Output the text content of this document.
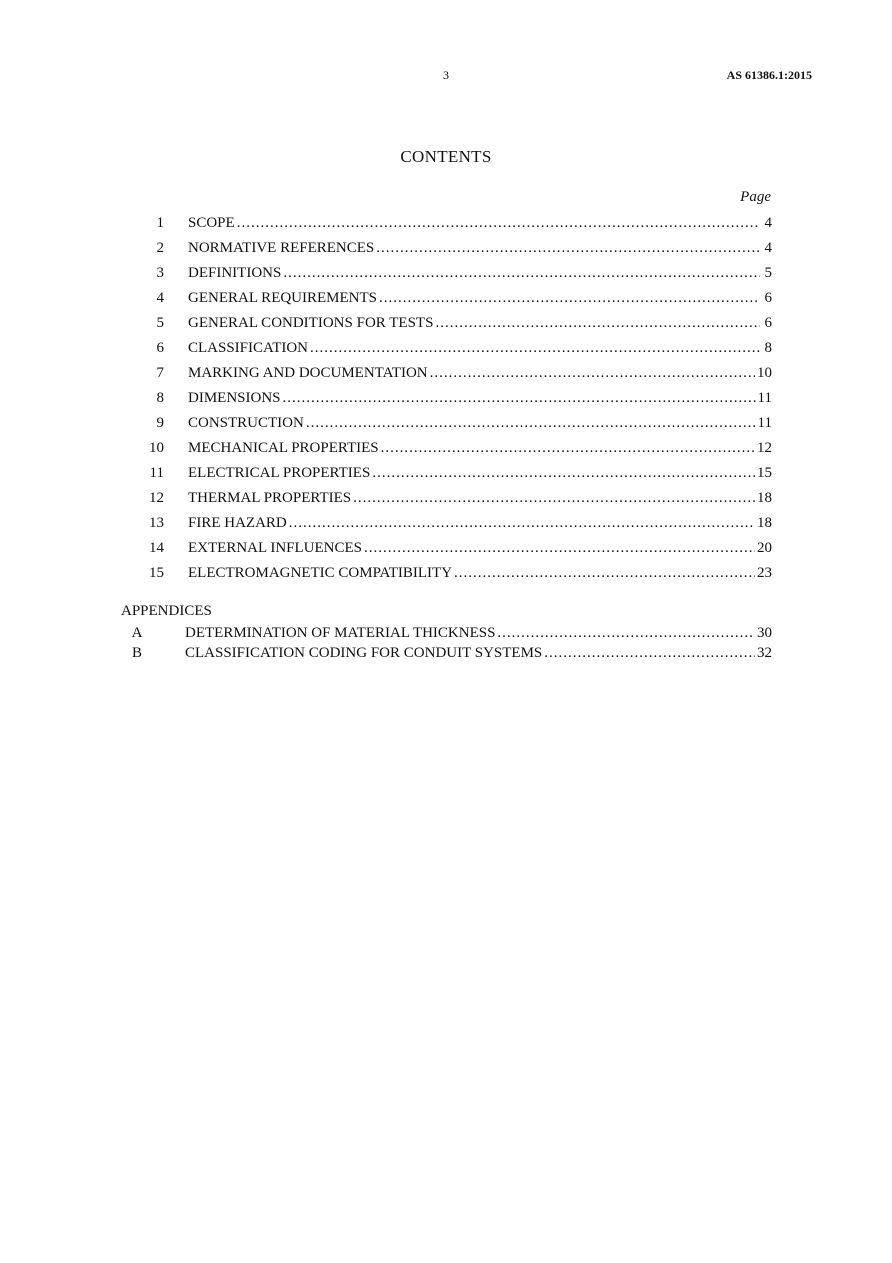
3	AS 61386.1:2015
CONTENTS
Page
1 SCOPE .....	4
2 NORMATIVE REFERENCES .....	4
3 DEFINITIONS .....	5
4 GENERAL REQUIREMENTS .....	6
5 GENERAL CONDITIONS FOR TESTS .....	6
6 CLASSIFICATION .....	8
7 MARKING AND DOCUMENTATION .....	10
8 DIMENSIONS .....	11
9 CONSTRUCTION .....	11
10 MECHANICAL PROPERTIES .....	12
11 ELECTRICAL PROPERTIES .....	15
12 THERMAL PROPERTIES .....	18
13 FIRE HAZARD .....	18
14 EXTERNAL INFLUENCES .....	20
15 ELECTROMAGNETIC COMPATIBILITY .....	23
APPENDICES
A	DETERMINATION OF MATERIAL THICKNESS .....	30
B	CLASSIFICATION CODING FOR CONDUIT SYSTEMS .....	32
